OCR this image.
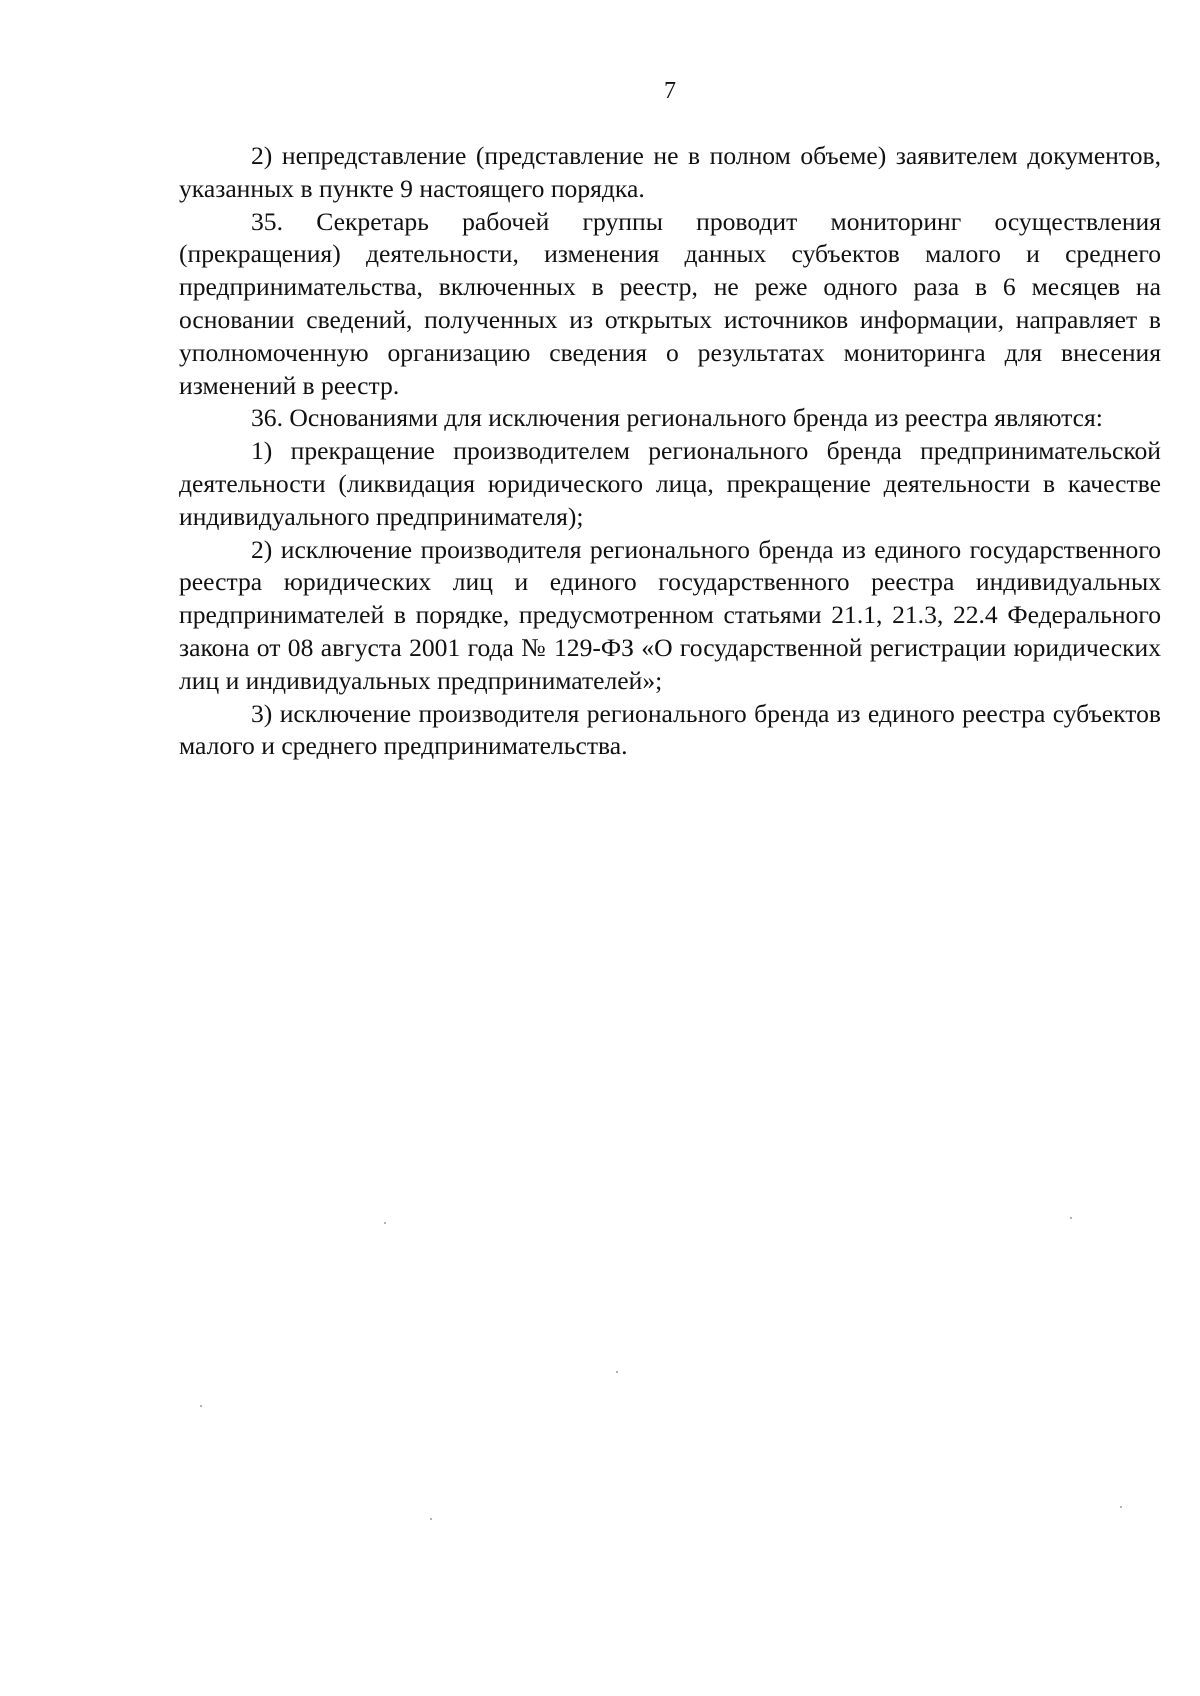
7

2) непредставление (представление не в полном объеме) заявителем документов, указанных в пункте 9 настоящего порядка.

35. Секретарь рабочей группы проводит мониторинг осуществления (прекращения) деятельности, изменения данных субъектов малого и среднего предпринимательства, включенных в реестр, не реже одного раза в 6 месяцев на основании сведений, полученных из открытых источников информации, направляет в уполномоченную организацию сведения о результатах мониторинга для внесения изменений в реестр.

36. Основаниями для исключения регионального бренда из реестра являются:

1) прекращение производителем регионального бренда предпринимательской деятельности (ликвидация юридического лица, прекращение деятельности в качестве индивидуального предпринимателя);

2) исключение производителя регионального бренда из единого государственного реестра юридических лиц и единого государственного реестра индивидуальных предпринимателей в порядке, предусмотренном статьями 21.1, 21.3, 22.4 Федерального закона от 08 августа 2001 года № 129-ФЗ «О государственной регистрации юридических лиц и индивидуальных предпринимателей»;

3) исключение производителя регионального бренда из единого реестра субъектов малого и среднего предпринимательства.
